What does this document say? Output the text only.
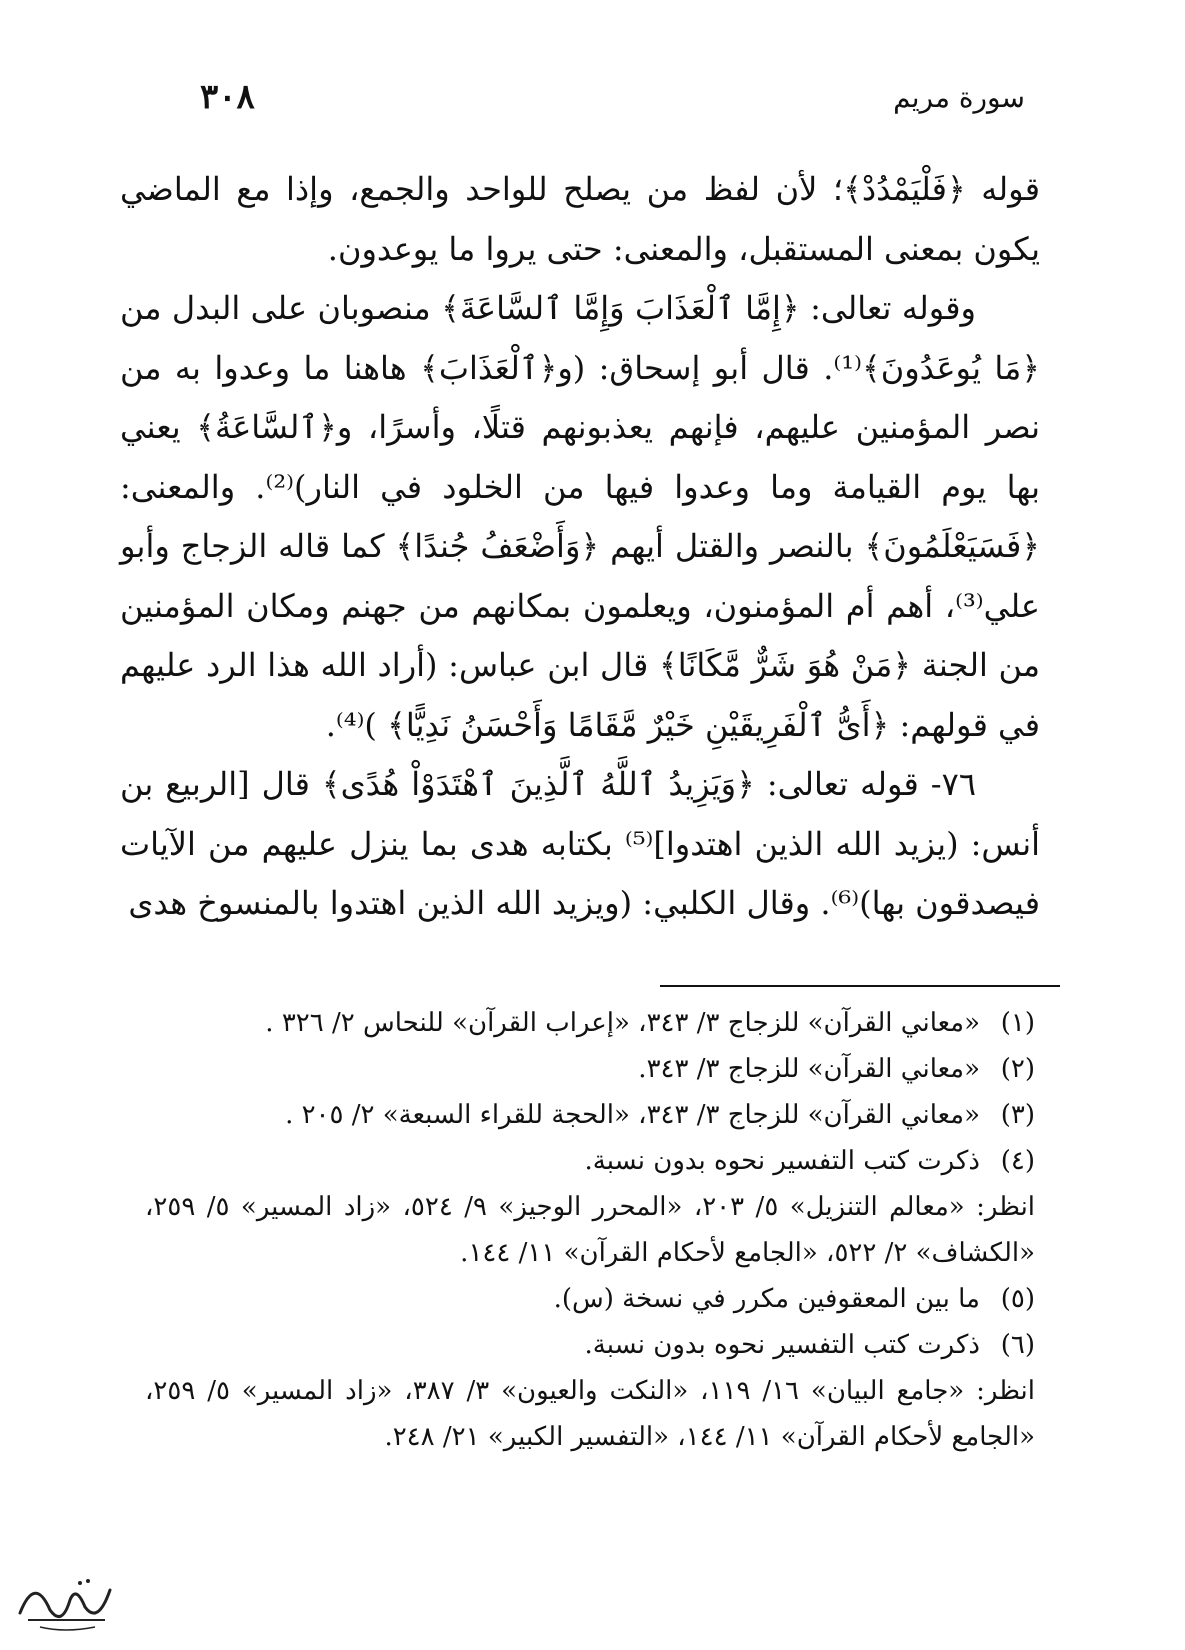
سورة مريم
٣٠٨

قوله ﴿فَلْيَمْدُدْ﴾؛ لأن لفظ من يصلح للواحد والجمع، وإذا مع الماضي يكون بمعنى المستقبل، والمعنى: حتى يروا ما يوعدون.

وقوله تعالى: ﴿إِمَّا ٱلْعَذَابَ وَإِمَّا ٱلسَّاعَةَ﴾ منصوبان على البدل من ﴿مَا يُوعَدُونَ﴾⁽¹⁾. قال أبو إسحاق: (و﴿ٱلْعَذَابَ﴾ هاهنا ما وعدوا به من نصر المؤمنين عليهم، فإنهم يعذبونهم قتلًا، وأسرًا، و﴿ٱلسَّاعَةُ﴾ يعني بها يوم القيامة وما وعدوا فيها من الخلود في النار)⁽²⁾. والمعنى: ﴿فَسَيَعْلَمُونَ﴾ بالنصر والقتل أيهم ﴿وَأَضْعَفُ جُندًا﴾ كما قاله الزجاج وأبو علي⁽³⁾، أهم أم المؤمنون، ويعلمون بمكانهم من جهنم ومكان المؤمنين من الجنة ﴿مَنْ هُوَ شَرٌّ مَّكَانًا﴾ قال ابن عباس: (أراد الله هذا الرد عليهم في قولهم: ﴿أَىُّ ٱلْفَرِيقَيْنِ خَيْرٌ مَّقَامًا وَأَحْسَنُ نَدِيًّا﴾ )⁽⁴⁾.

٧٦- قوله تعالى: ﴿وَيَزِيدُ ٱللَّهُ ٱلَّذِينَ ٱهْتَدَوْاْ هُدًى﴾ قال [الربيع بن أنس: (يزيد الله الذين اهتدوا]⁽⁵⁾ بكتابه هدى بما ينزل عليهم من الآيات فيصدقون بها)⁽⁶⁾. وقال الكلبي: (ويزيد الله الذين اهتدوا بالمنسوخ هدى

(١)
«معاني القرآن» للزجاج ٣/ ٣٤٣، «إعراب القرآن» للنحاس ٢/ ٣٢٦ .
(٢)
«معاني القرآن» للزجاج ٣/ ٣٤٣.
(٣)
«معاني القرآن» للزجاج ٣/ ٣٤٣، «الحجة للقراء السبعة» ٢/ ٢٠٥ .
(٤)
ذكرت كتب التفسير نحوه بدون نسبة.
انظر: «معالم التنزيل» ٥/ ٢٠٣، «المحرر الوجيز» ٩/ ٥٢٤، «زاد المسير» ٥/ ٢٥٩، «الكشاف» ٢/ ٥٢٢، «الجامع لأحكام القرآن» ١١/ ١٤٤.
(٥)
ما بين المعقوفين مكرر في نسخة (س).
(٦)
ذكرت كتب التفسير نحوه بدون نسبة.
انظر: «جامع البيان» ١٦/ ١١٩، «النكت والعيون» ٣/ ٣٨٧، «زاد المسير» ٥/ ٢٥٩، «الجامع لأحكام القرآن» ١١/ ١٤٤، «التفسير الكبير» ٢١/ ٢٤٨.
